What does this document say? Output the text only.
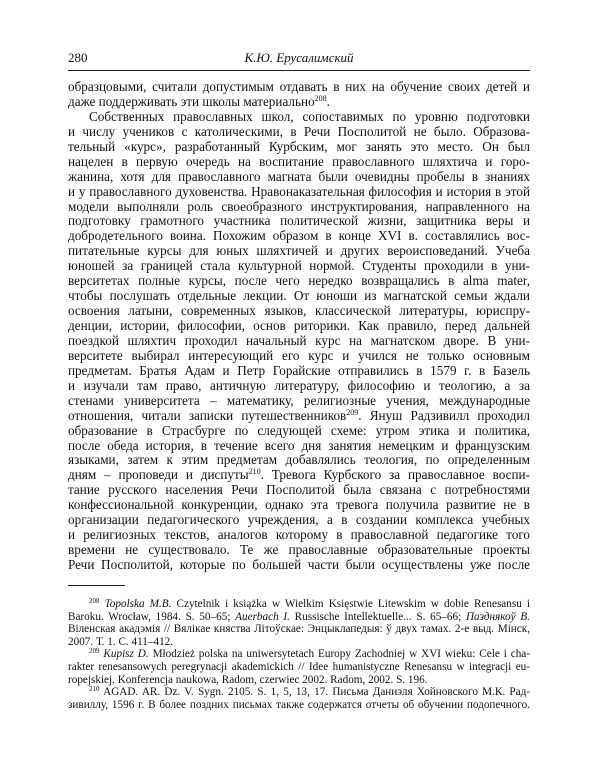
280	К.Ю. Ерусалимский
образцовыми, считали допустимым отдавать в них на обучение своих детей и
даже поддерживать эти школы материально$^{208}$.
Собственных православных школ, сопоставимых по уровню подготовки
и числу учеников с католическими, в Речи Посполитой не было. Образова-
тельный «курс», разработанный Курбским, мог занять это место. Он был
нацелен в первую очередь на воспитание православного шляхтича и горо-
жанина, хотя для православного магната были очевидны пробелы в знаниях
и у православного духовенства. Нравонаказательная философия и история в этой
модели выполняли роль своеобразного инструктирования, направленного на
подготовку грамотного участника политической жизни, защитника веры и
добродетельного воина. Похожим образом в конце XVI в. составлялись вос-
питательные курсы для юных шляхтичей и других вероисповеданий. Учеба
юношей за границей стала культурной нормой. Студенты проходили в уни-
верситетах полные курсы, после чего нередко возвращались в alma mater,
чтобы послушать отдельные лекции. От юноши из магнатской семьи ждали
освоения латыни, современных языков, классической литературы, юриспру-
денции, истории, философии, основ риторики. Как правило, перед дальней
поездкой шляхтич проходил начальный курс на магнатском дворе. В уни-
верситете выбирал интересующий его курс и учился не только основным
предметам. Братья Адам и Петр Горайские отправились в 1579 г. в Базель
и изучали там право, античную литературу, философию и теологию, а за
стенами университета – математику, религиозные учения, международные
отношения, читали записки путешественников$^{209}$. Януш Радзивилл проходил
образование в Страсбурге по следующей схеме: утром этика и политика,
после обеда история, в течение всего дня занятия немецким и французским
языками, затем к этим предметам добавлялись теология, по определенным
дням – проповеди и диспуты$^{210}$. Тревога Курбского за православное воспи-
тание русского населения Речи Посполитой была связана с потребностями
конфессиональной конкуренции, однако эта тревога получила развитие не в
организации педагогического учреждения, а в создании комплекса учебных
и религиозных текстов, аналогов которому в православной педагогике того
времени не существовало. Те же православные образовательные проекты
Речи Посполитой, которые по большей части были осуществлены уже после
$^{208}$ Topolska M.B. Czytelnik i książka w Wielkim Księstwie Litewskim w dobie Renesansu i
Baroku. Wrocław, 1984. S. 50–65; Auerbach I. Russische Intellektuelle... S. 65–66; Пазднякоў В.
Віленская акадэмія // Вялікае княства Літоўскае: Энцыклапедыя: ў двух тамах. 2-е выд. Мінск,
2007. Т. 1. С. 411–412.
$^{209}$ Kupisz D. Młodzież polska na uniwersytetach Europy Zachodniej w XVI wieku: Cele i cha-
rakter renesansowych peregrynacji akademickich // Idee humanistyczne Renesansu w integracji eu-
ropejskiej. Konferencja naukowa, Radom, czerwiec 2002. Radom, 2002. S. 196.
$^{210}$ AGAD. AR. Dz. V. Sygn. 2105. S. 1, 5, 13, 17. Письма Даниэля Хойновского М.К. Рад-
зивиллу, 1596 г. В более поздних письмах также содержатся отчеты об обучении подопечного.
